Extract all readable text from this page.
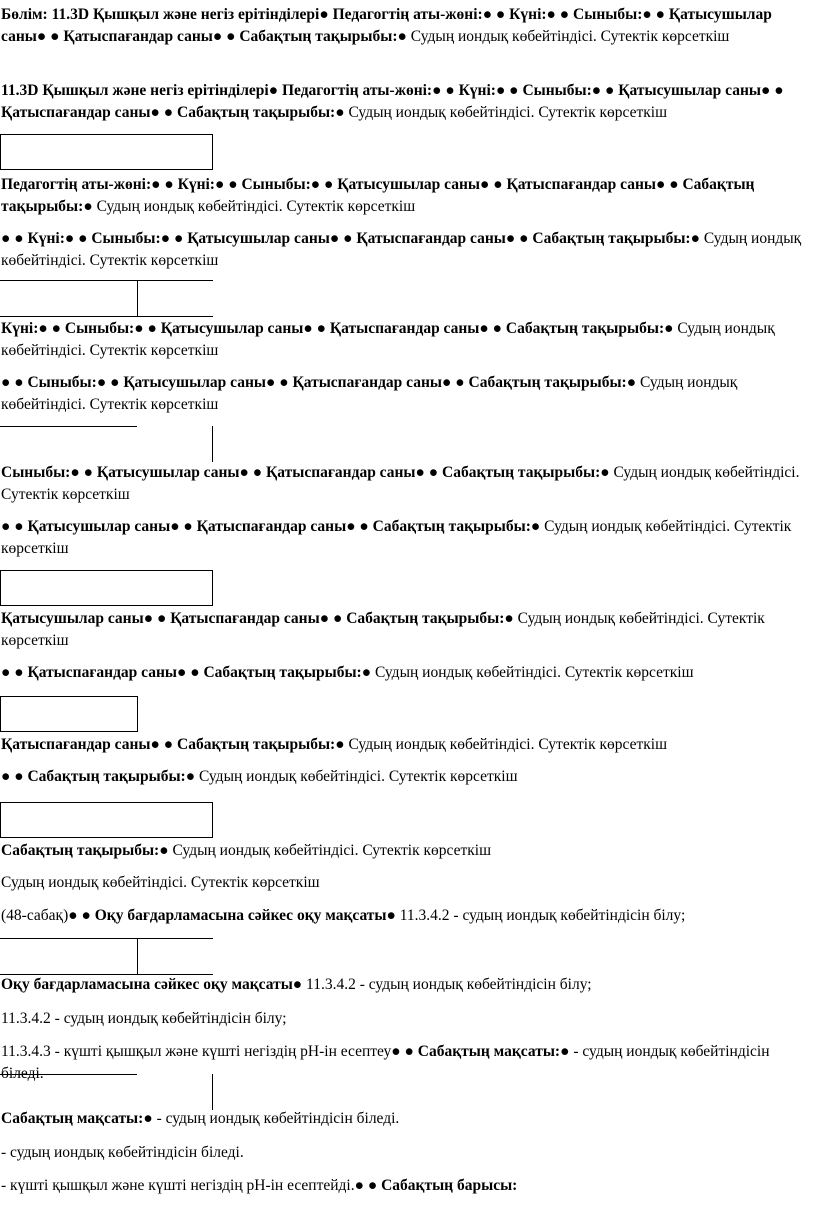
Бөлім: 11.3D Қышқыл және негіз ерітінділері● Педагогтің аты-жөні:● ● Күні:● ● Сыныбы:● ● Қатысушылар саны● ● Қатыспағандар саны● ● Сабақтың тақырыбы:● Судың иондық көбейтіндісі. Сутектік көрсеткіш

11.3D Қышқыл және негіз ерітінділері● Педагогтің аты-жөні:● ● Күні:● ● Сыныбы:● ● Қатысушылар саны● ● Қатыспағандар саны● ● Сабақтың тақырыбы:● Судың иондық көбейтіндісі. Сутектік көрсеткіш

Педагогтің аты-жөні:● ● Күні:● ● Сыныбы:● ● Қатысушылар саны● ● Қатыспағандар саны● ● Сабақтың тақырыбы:● Судың иондық көбейтіндісі. Сутектік көрсеткіш

● ● Күні:● ● Сыныбы:● ● Қатысушылар саны● ● Қатыспағандар саны● ● Сабақтың тақырыбы:● Судың иондық көбейтіндісі. Сутектік көрсеткіш

Күні:● ● Сыныбы:● ● Қатысушылар саны● ● Қатыспағандар саны● ● Сабақтың тақырыбы:● Судың иондық көбейтіндісі. Сутектік көрсеткіш

● ● Сыныбы:● ● Қатысушылар саны● ● Қатыспағандар саны● ● Сабақтың тақырыбы:● Судың иондық көбейтіндісі. Сутектік көрсеткіш

Сыныбы:● ● Қатысушылар саны● ● Қатыспағандар саны● ● Сабақтың тақырыбы:● Судың иондық көбейтіндісі. Сутектік көрсеткіш

● ● Қатысушылар саны● ● Қатыспағандар саны● ● Сабақтың тақырыбы:● Судың иондық көбейтіндісі. Сутектік көрсеткіш

Қатысушылар саны● ● Қатыспағандар саны● ● Сабақтың тақырыбы:● Судың иондық көбейтіндісі. Сутектік көрсеткіш

● ● Қатыспағандар саны● ● Сабақтың тақырыбы:● Судың иондық көбейтіндісі. Сутектік көрсеткіш

Қатыспағандар саны● ● Сабақтың тақырыбы:● Судың иондық көбейтіндісі. Сутектік көрсеткіш

● ● Сабақтың тақырыбы:● Судың иондық көбейтіндісі. Сутектік көрсеткіш

Сабақтың тақырыбы:● Судың иондық көбейтіндісі. Сутектік көрсеткіш

Судың иондық көбейтіндісі. Сутектік көрсеткіш

(48-сабақ)● ● Оқу бағдарламасына сәйкес оқу мақсаты● 11.3.4.2 - судың иондық көбейтіндісін білу;

Оқу бағдарламасына сәйкес оқу мақсаты● 11.3.4.2 - судың иондық көбейтіндісін білу;

11.3.4.2 - судың иондық көбейтіндісін білу;

11.3.4.3 - күшті қышқыл және күшті негіздің рН-ін есептеу● ● Сабақтың мақсаты:● - судың иондық көбейтіндісін біледі.

Сабақтың мақсаты:● - судың иондық көбейтіндісін біледі.

- судың иондық көбейтіндісін біледі.

- күшті қышқыл және күшті негіздің рН-ін есептейді.● ● Сабақтың барысы:
